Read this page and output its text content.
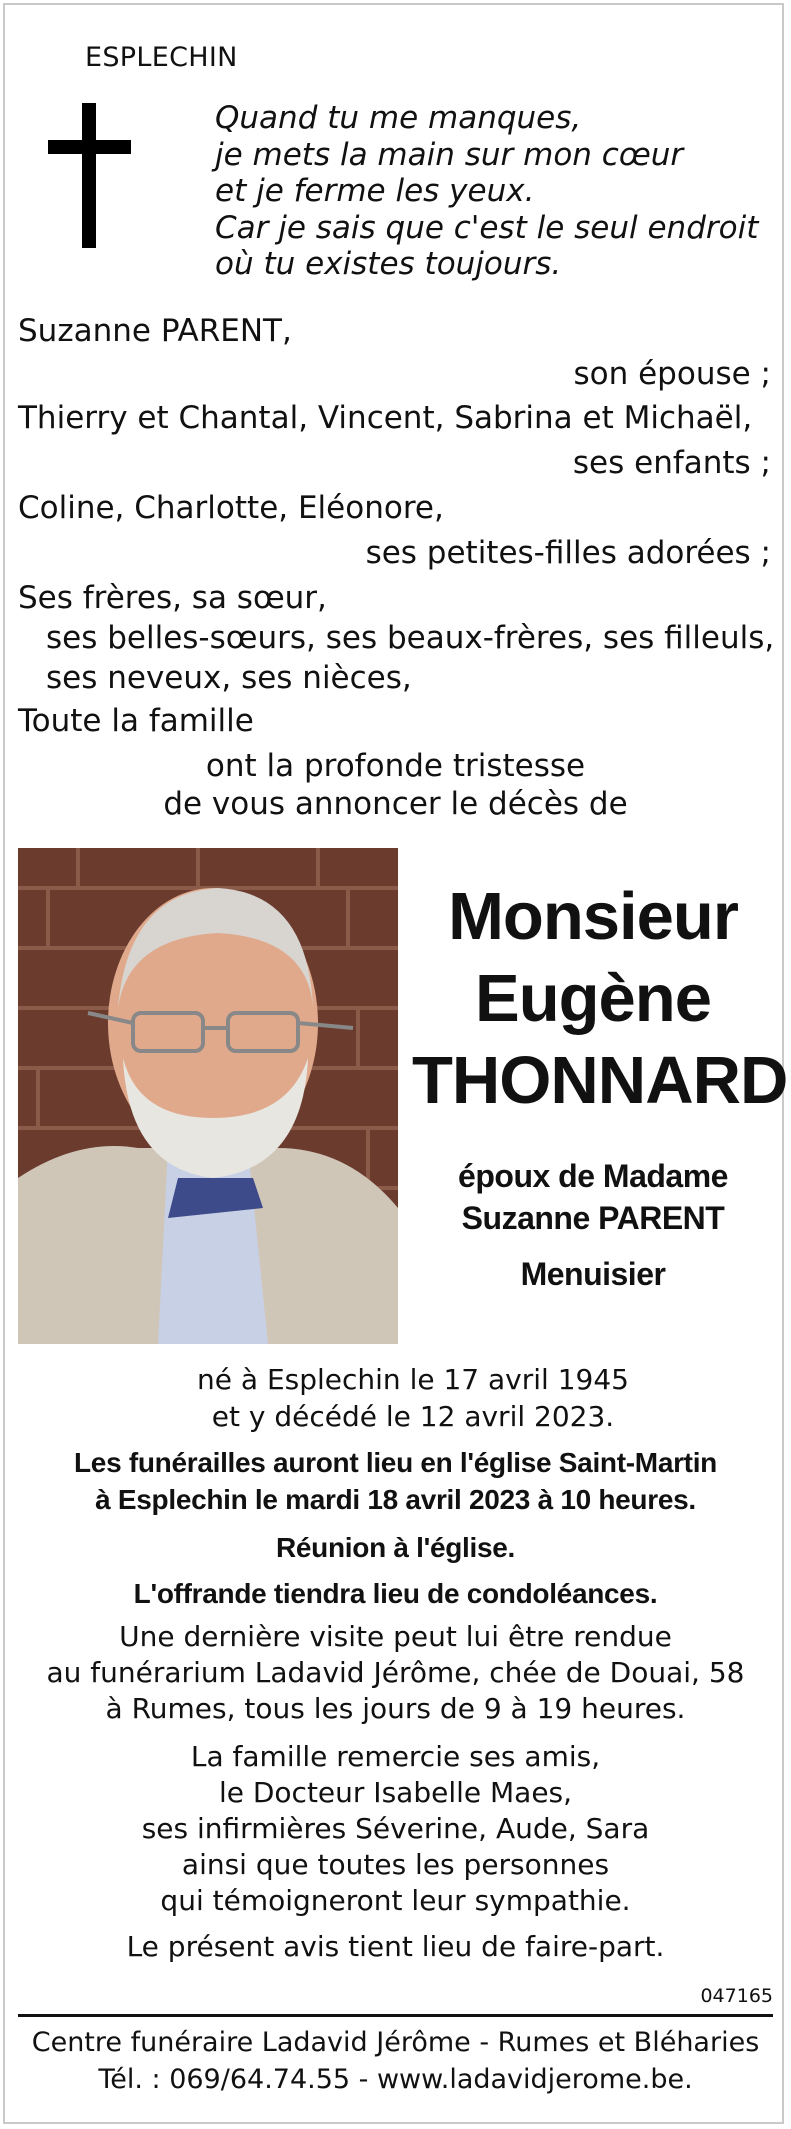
ESPLECHIN
Quand tu me manques,
je mets la main sur mon cœur
et je ferme les yeux.
Car je sais que c'est le seul endroit
où tu existes toujours.
Suzanne PARENT,
son épouse ;
Thierry et Chantal, Vincent, Sabrina et Michaël,
ses enfants ;
Coline, Charlotte, Eléonore,
ses petites-filles adorées ;
Ses frères, sa sœur,
ses belles-sœurs, ses beaux-frères, ses filleuls,
ses neveux, ses nièces,
Toute la famille
ont la profonde tristesse
de vous annoncer le décès de
Monsieur
Eugène
THONNARD
époux de Madame
Suzanne PARENT
Menuisier
né à Esplechin le 17 avril 1945
et y décédé le 12 avril 2023.
Les funérailles auront lieu en l'église Saint-Martin
à Esplechin le mardi 18 avril 2023 à 10 heures.
Réunion à l'église.
L'offrande tiendra lieu de condoléances.
Une dernière visite peut lui être rendue
au funérarium Ladavid Jérôme, chée de Douai, 58
à Rumes, tous les jours de 9 à 19 heures.
La famille remercie ses amis,
le Docteur Isabelle Maes,
ses infirmières Séverine, Aude, Sara
ainsi que toutes les personnes
qui témoigneront leur sympathie.
Le présent avis tient lieu de faire-part.
047165
Centre funéraire Ladavid Jérôme - Rumes et Bléharies
Tél. : 069/64.74.55 - www.ladavidjerome.be.
